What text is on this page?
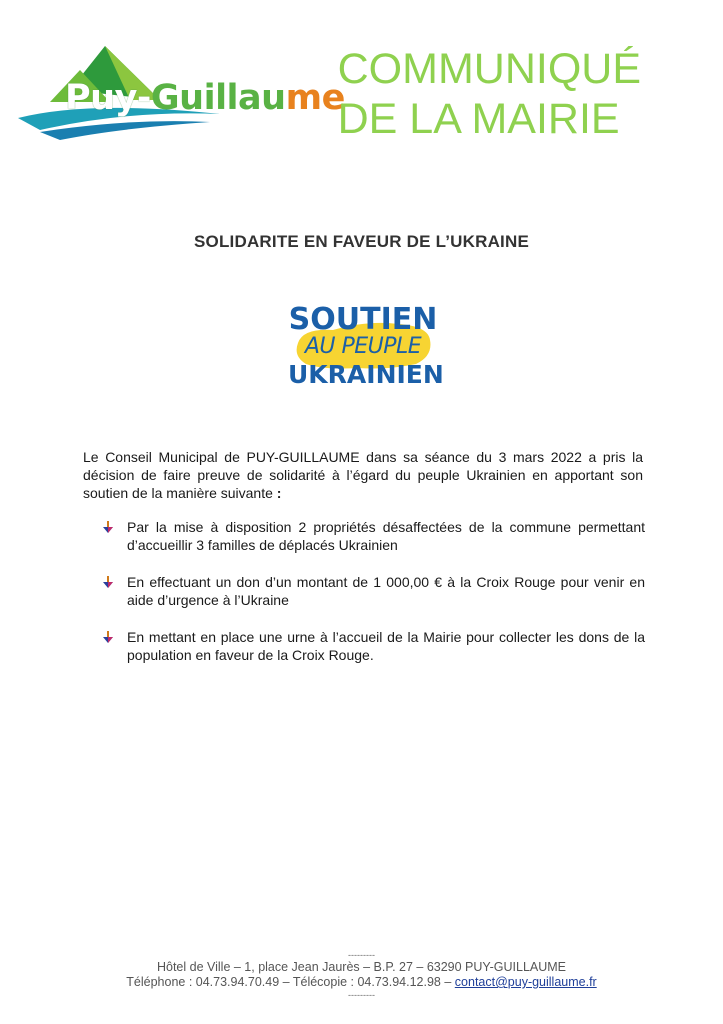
Puy-Guillaume
COMMUNIQUÉ
DE LA MAIRIE
SOLIDARITE EN FAVEUR DE L’UKRAINE
SOUTIEN
AU PEUPLE
UKRAINIEN
Le Conseil Municipal de PUY-GUILLAUME dans sa séance du 3 mars 2022 a pris la décision de faire preuve de solidarité à l’égard du peuple Ukrainien en apportant son soutien de la manière suivante :
Par la mise à disposition 2 propriétés désaffectées de la commune permettant d’accueillir 3 familles de déplacés Ukrainien
En effectuant un don d’un montant de 1 000,00 € à la Croix Rouge pour venir en aide d’urgence à l’Ukraine
En mettant en place une urne à l’accueil de la Mairie pour collecter les dons de la population en faveur de la Croix Rouge.
---------
Hôtel de Ville – 1, place Jean Jaurès – B.P. 27 – 63290 PUY-GUILLAUME
Téléphone : 04.73.94.70.49 – Télécopie : 04.73.94.12.98 – contact@puy-guillaume.fr
---------
